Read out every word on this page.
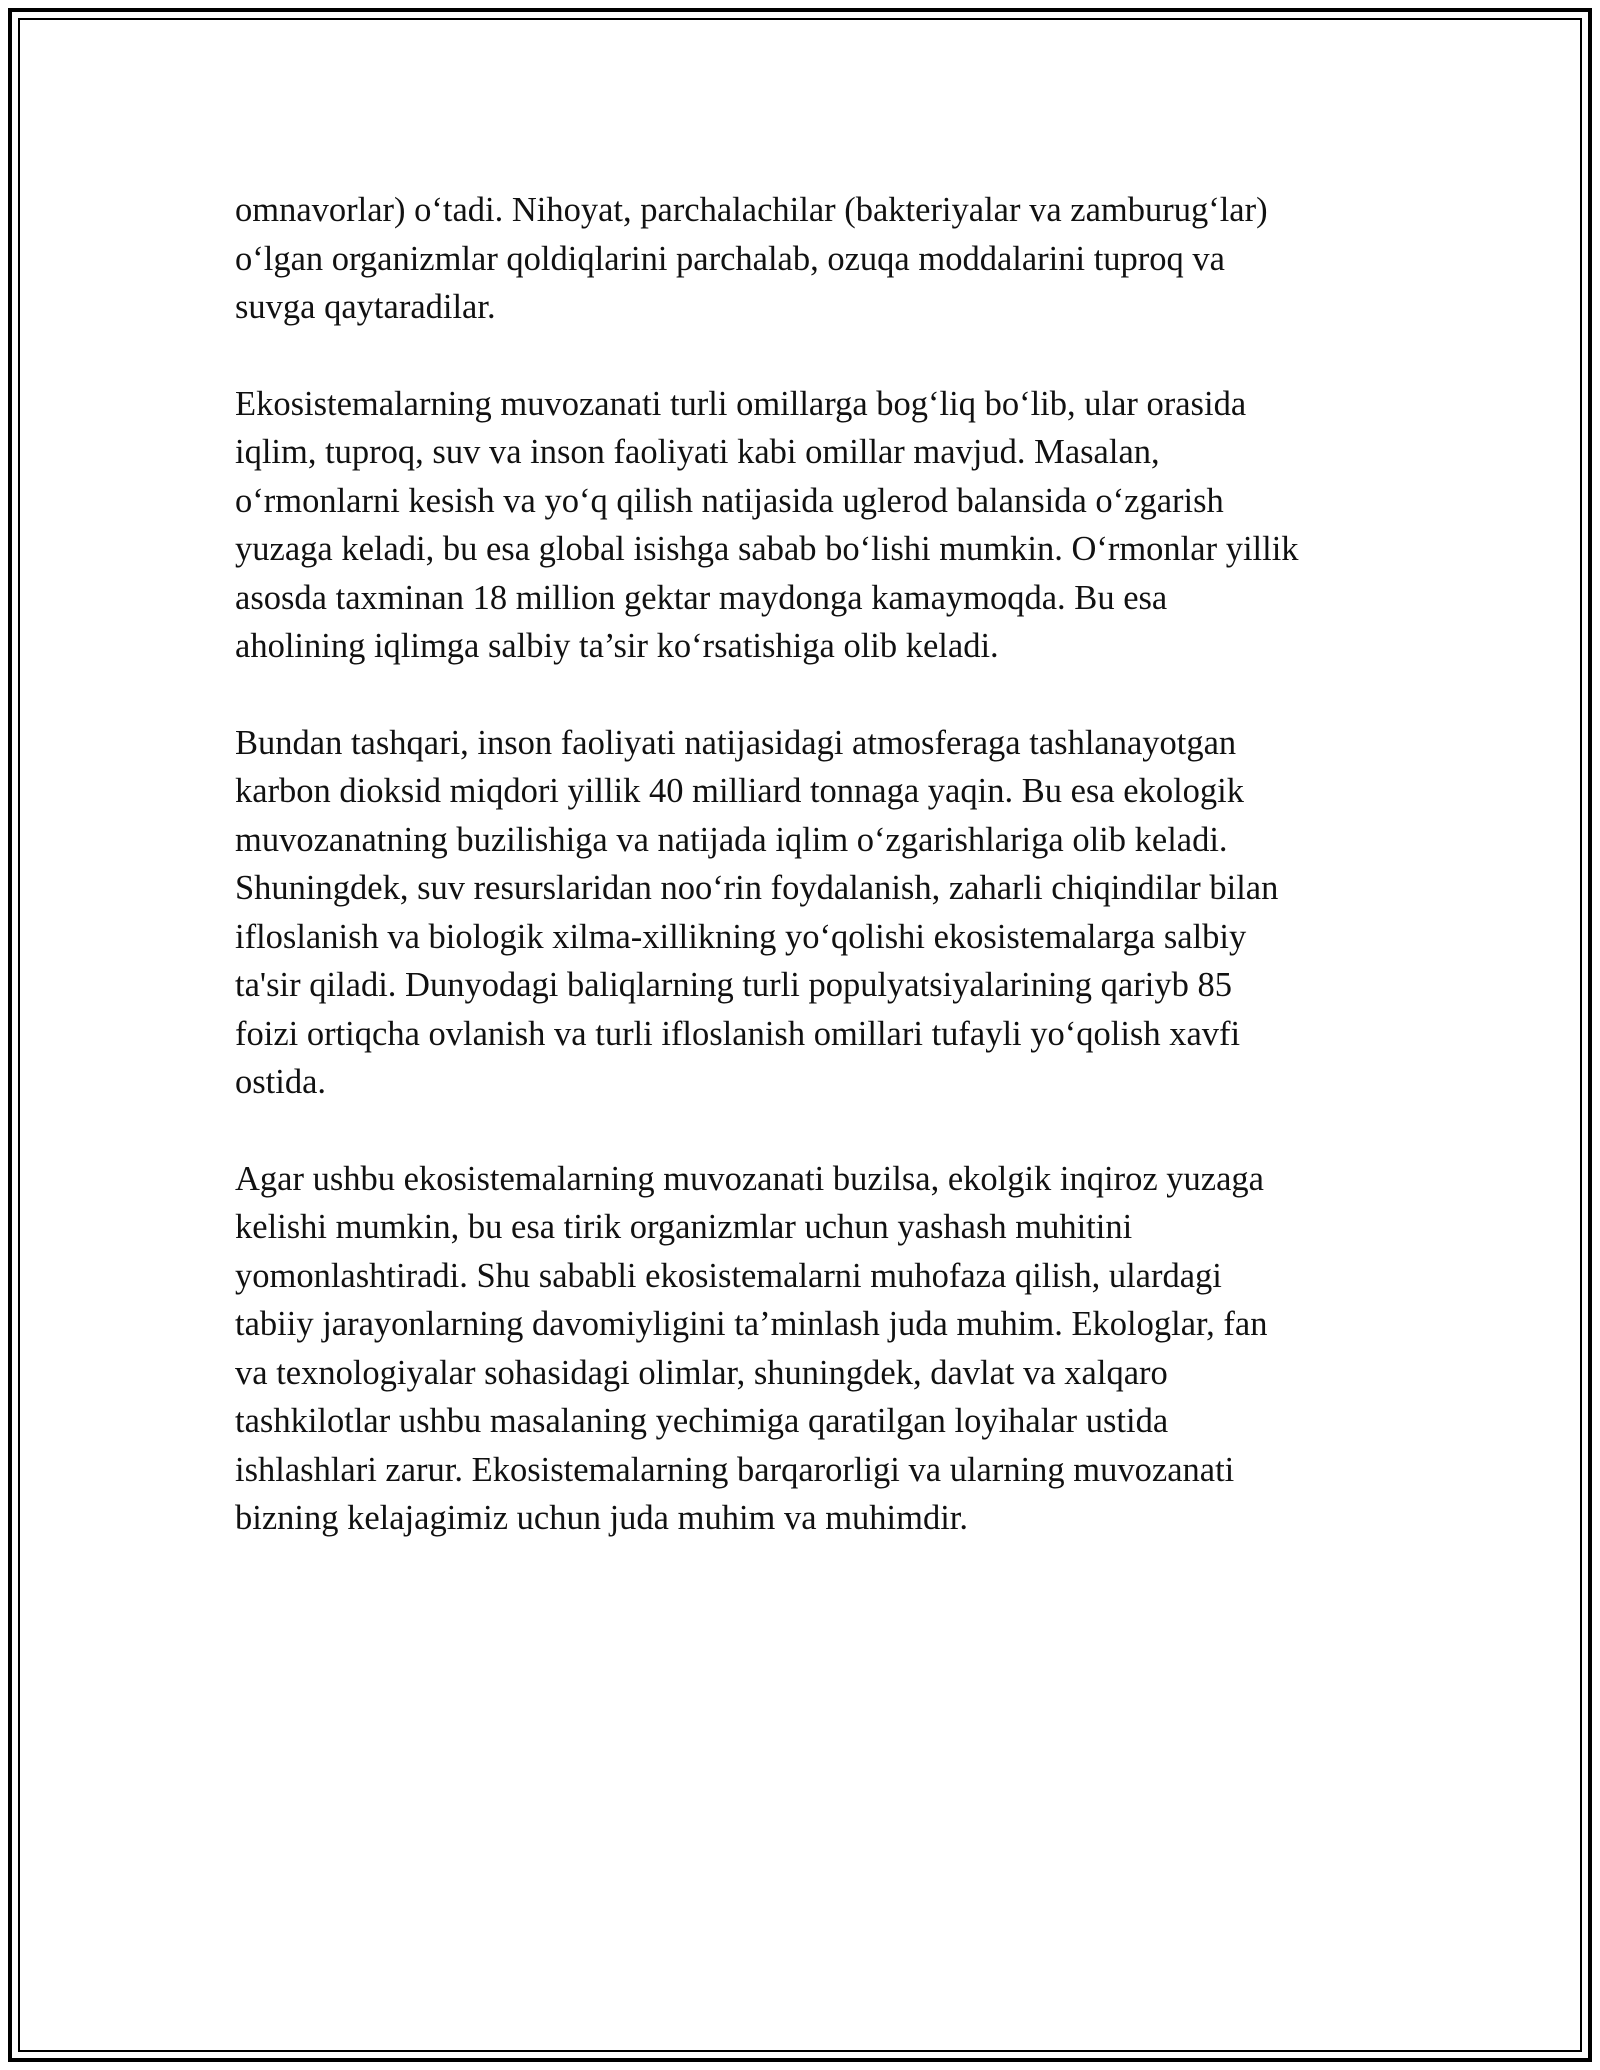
omnavorlar) o‘tadi. Nihoyat, parchalachilar (bakteriyalar va zamburug‘lar)
o‘lgan organizmlar qoldiqlarini parchalab, ozuqa moddalarini tuproq va
suvga qaytaradilar.

Ekosistemalarning muvozanati turli omillarga bog‘liq bo‘lib, ular orasida
iqlim, tuproq, suv va inson faoliyati kabi omillar mavjud. Masalan,
o‘rmonlarni kesish va yo‘q qilish natijasida uglerod balansida o‘zgarish
yuzaga keladi, bu esa global isishga sabab bo‘lishi mumkin. O‘rmonlar yillik
asosda taxminan 18 million gektar maydonga kamaymoqda. Bu esa
aholining iqlimga salbiy ta’sir ko‘rsatishiga olib keladi.

Bundan tashqari, inson faoliyati natijasidagi atmosferaga tashlanayotgan
karbon dioksid miqdori yillik 40 milliard tonnaga yaqin. Bu esa ekologik
muvozanatning buzilishiga va natijada iqlim o‘zgarishlariga olib keladi.
Shuningdek, suv resurslaridan noo‘rin foydalanish, zaharli chiqindilar bilan
ifloslanish va biologik xilma-xillikning yo‘qolishi ekosistemalarga salbiy
ta'sir qiladi. Dunyodagi baliqlarning turli populyatsiyalarining qariyb 85
foizi ortiqcha ovlanish va turli ifloslanish omillari tufayli yo‘qolish xavfi
ostida.

Agar ushbu ekosistemalarning muvozanati buzilsa, ekolgik inqiroz yuzaga
kelishi mumkin, bu esa tirik organizmlar uchun yashash muhitini
yomonlashtiradi. Shu sababli ekosistemalarni muhofaza qilish, ulardagi
tabiiy jarayonlarning davomiyligini ta’minlash juda muhim. Ekologlar, fan
va texnologiyalar sohasidagi olimlar, shuningdek, davlat va xalqaro
tashkilotlar ushbu masalaning yechimiga qaratilgan loyihalar ustida
ishlashlari zarur. Ekosistemalarning barqarorligi va ularning muvozanati
bizning kelajagimiz uchun juda muhim va muhimdir.
